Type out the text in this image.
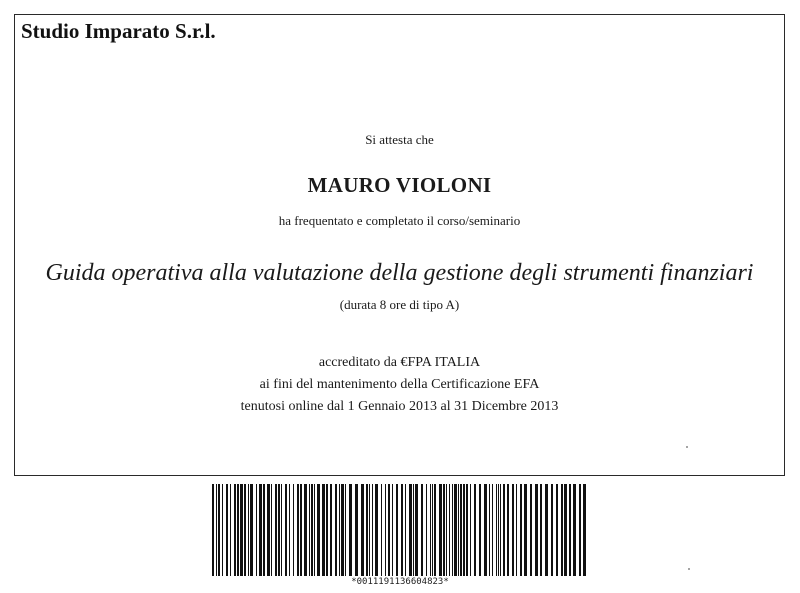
Studio Imparato S.r.l.
Si attesta che
MAURO VIOLONI
ha frequentato e completato il corso/seminario
Guida operativa alla valutazione della gestione degli strumenti finanziari
(durata 8 ore di tipo A)
accreditato da €FPA ITALIA
ai fini del mantenimento della Certificazione EFA
tenutosi online dal 1 Gennaio 2013 al 31 Dicembre 2013
*0011191136604823*
